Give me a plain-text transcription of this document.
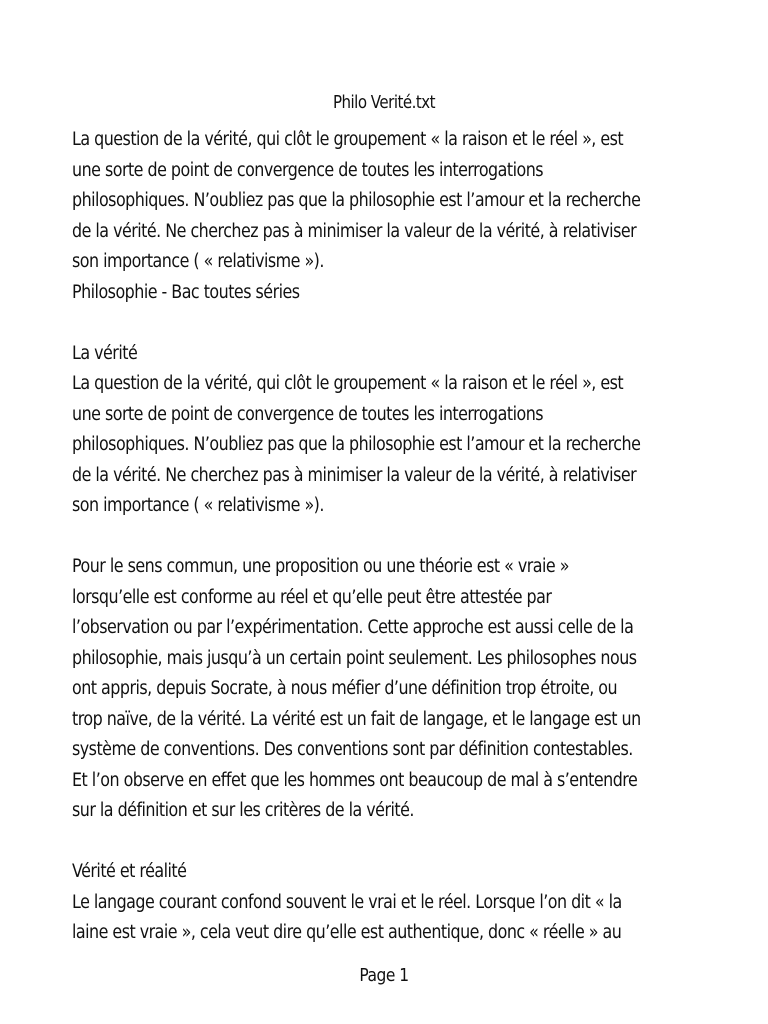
Philo Verité.txt
La question de la vérité, qui clôt le groupement « la raison et le réel », est
une sorte de point de convergence de toutes les interrogations
philosophiques. N’oubliez pas que la philosophie est l’amour et la recherche
de la vérité. Ne cherchez pas à minimiser la valeur de la vérité, à relativiser
son importance ( « relativisme »).
Philosophie - Bac toutes séries
La vérité
La question de la vérité, qui clôt le groupement « la raison et le réel », est
une sorte de point de convergence de toutes les interrogations
philosophiques. N’oubliez pas que la philosophie est l’amour et la recherche
de la vérité. Ne cherchez pas à minimiser la valeur de la vérité, à relativiser
son importance ( « relativisme »).
Pour le sens commun, une proposition ou une théorie est « vraie »
lorsqu’elle est conforme au réel et qu’elle peut être attestée par
l’observation ou par l’expérimentation. Cette approche est aussi celle de la
philosophie, mais jusqu’à un certain point seulement. Les philosophes nous
ont appris, depuis Socrate, à nous méfier d’une définition trop étroite, ou
trop naïve, de la vérité. La vérité est un fait de langage, et le langage est un
système de conventions. Des conventions sont par définition contestables.
Et l’on observe en effet que les hommes ont beaucoup de mal à s’entendre
sur la définition et sur les critères de la vérité.
Vérité et réalité
Le langage courant confond souvent le vrai et le réel. Lorsque l’on dit « la
laine est vraie », cela veut dire qu’elle est authentique, donc « réelle » au
Page 1
